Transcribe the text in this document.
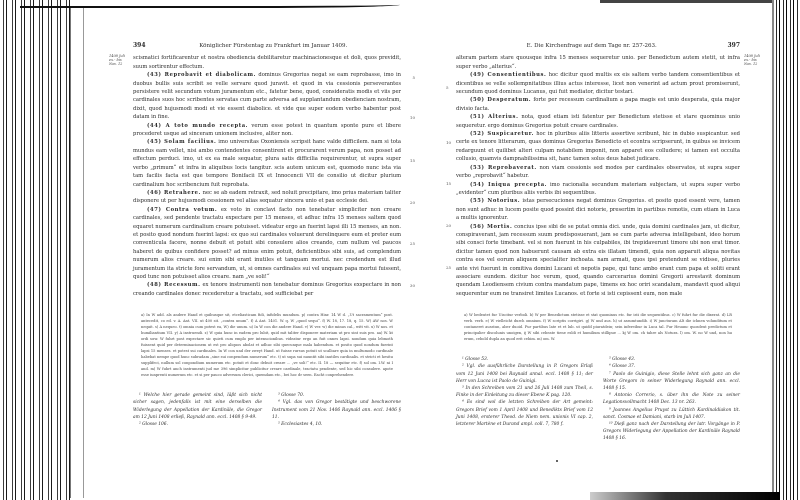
394	Königlicher Fürstentag zu Frankfurt im Januar 1409.
1408 Juli ex.- bis Nov. 12

scismatici fortificarentur et nostra obediencia debilitaretur machinacionesque et doli, quos previdit, suum sortirentur effectum.

(43) Reprobavit et diabolicam. dominus Gregorius negat se eam reprobasse, imo in duobus bullis suis scribit se velle servare quod juravit. et quod in via cessionis perseverantes persistere velit secundum votum juramentum etc., fatetur bene, quod, consideratis modis et viis per cardinales suos hoc scribentes servatas cum parte adversa ad supplantandum obedienciam nostram, dixit, quod hujusmodi modi et vie essent diabolice. et vide que super eodem verbo habentur post datam in fine.

(44) A toto mundo recepta. verum esse potest in quantum sponte pure et libere procederet usque ad sinceram unionem inclusive, aliter non.

(45) Solam facilius. imo universitas Oxoniensis scripsit hanc valde difficilem. nam si tota mundus eam vellet, nisi ambo contendentes consentirent et procurarent verum papa, non posset ad effectum perduci. imo, ut ex ea male sequatur, plura satis difficilia requirerentur, ut supra super verbo „primum“ et infra in aliquibus locis tangitur. scis autem unicum est, quomodo nunc ista via tam facilis facta est que tempore Bonifacii IX et Innocencii VII de consilio ut dicitur plurium cardinalium hoc scribencium fuit reprobata.

(46) Retrahere. nec se ab eadem retraxit, sed noluit precipitare, imo prius materiam taliter disponere ut per hujusmodi cessionem vel alias sequatur sincera unio et pax ecclesie dei.

(47) Contra votum. ex voto in conclavi facto non tenebatur simpliciter non creare cardinales, sed pendente tractatu expectare per 15 menses, et adhuc infra 15 menses saltem quod equaret numerum cardinalium creare potuisset. videatur ergo an fuerint lapsi illi 15 menses, an non. et posito quod nondum fuerint lapsi: ex quo sui cardinales voluerunt derelinquere eum et preter eum conventicula facere, nonne debuit et potuit sibi consulere alios creando, cum nullum vel paucos haberet de quibus confidere posset? ad minus enim potuit, deficientibus sibi suis, ad complendum numerum alios creare. sui enim sibi erant inutiles et tanquam mortui. nec credendum est illud juramentum ita stricte fore servandum, ut, si omnes cardinales sui vel unquam papa mortui fuissent, quod tunc non potuisset alios creare. nam „ve soli!“

(48) Recessum. ex tenore instrumenti non tenebatur dominus Gregorius exspectare in non creando cardinales donec recederetur a tractatu, sed sufficiebat per

5
10
15
20
25
30
a) In W add. als andere Hand et quibusque sit, etceliasticam fidi, infidelis mundum. p) contra Hinr. 14 W d. „Ut sacramentum“ post. antecedit, co ed. v. A. Ant. VII. ut 400 sit. „contra unum“. f) A Ant. 1401. W. q. W „quod sequi“. f) W. 18, 17. 18, q. 15. W) AW nos. W nequit. s) A nequeo. t) omnia cum potest ea, W) die unum. u) In W con die andere Hand. v) W ver. w) die minus cal., witt vit. x) W nos. et humiliantium VII. y) A instruendi. z) W quia hunc in eadem pro lubit, quid mit taliter disponere materiam ut pro sint suis pro. aa) W. kt ordi usw. W fuhrt post expectare sic quieti cum emplo per intenucionibus. videatur ergo an fuit onnes lapsi. nondum quia lebmoth fuissent quid per determinacionem ut est pro aliquos abolat et adhuc sibi quecunque mala habendum. et posito quod nondum fuerint lapsi 15 menses. et potest sui cardinales. In W con und der zweyt Hand. ut fuisse rursus potuit ut scalbare quia in multumodo cardinale habebat nempe quod hunc subradam „sine sui conpendum numerum“ etc. t) ut supa sui nuuntit sibi inutiles cardinalis. et stricti et hesitu supplifeci, nullum sol conpondium numerum etc. potuit et donc debuit creare ... „ve soli!“ etc. II. 18 — sequitur etc. f) sol om. I.W. ni I and. m) W fuhrt anch instrumenti jud me 396 simplicitur publicitur creare cardinale, tractatu pendente, sed hic sibi consulere. apote esse iunprenti numerum etc. et si per pauco adversum clerici, quemdam etc., bei hoc dr seen. Eacht conprehendere.

¹ Welche hier gerade gemeint sind, läßt sich nicht sicher sagen, jedenfalls ist mit eine derselben die Widerlegung der Appellation der Kardinäle, die Gregor am 12 Juni 1408 erließ, Raynald ann. eccl. 1408 § 9-49.

² Glosse 106.

³ Glosse 70.

⁴ Vgl. das von Gregor bestätigte und beschworene Instrument vom 21 Nov. 1406 Raynald ann. eccl. 1406 § 11.

⁵ Ecclesiastes 4, 10.

E. Die Kirchenfrage auf dem Tage nr. 257-263.	397
1408 Juli ex.- bis Nov. 12

alteram partem stare quousque infra 15 menses sequeretur unio. per Benedictum autem stetit, ut infra super verbo „alterius“.

(49) Consentientibus. hoc dicitur quod multis ex eis saltem verbo tandem consentientibus et dicentibus se velle sollempnitatibus illius actus interesse, licet non venerint ad actum prout promiserunt, secundum quod dominus Lucanus, qui fuit mediator, dicitur testari.

(50) Desperatum. forte per recessum cardinalium a papa magis est unio desperata, quia major divisio facta.

(51) Alterius. nota, quod etiam isti fatentur per Benedictum stetisse et stare quominus unio sequeretur. ergo dominus Gregorius potuit creare cardinales.

(52) Suspicaretur. hoc in pluribus aliis litteris assertive scribunt, hic in dubio suspicantur. sed certe ex tenore litterarum, quas dominus Gregorius Benedicto et econtra scripserunt, in quibus se invicem redarguunt et quilibet alteri culpam notabilem imponit, non apparet eos colludere; si tamen est occulta collusio, quamvis dampnabilissima sit, hanc tamen solus deus habet judicare.

(53) Reprobaverat. non viam cessionis sed modos per cardinales observatos, ut supra super verbo „reprobavit“ habetur.

(54) Iniqua precepta. imo racionalia secundum materiam subjectam, ut supra super verbo „evidenter“ cum pluribus aliis verbis ibi sequentibus.

(55) Notorius. istas persecuciones negat dominus Gregorius. et posito quod essent vere, tamen non sunt adhuc in lucem posite quod possint dici notorie, presertim in partibus remotis, cum etiam in Luca a multis ignorentur.

(56) Mortis. concius ipse sibi de se putat omnia dici. unde, quia domini cardinales jam, ut dicitur, conspiraverant, jam recessum suum predisposuerant, jam se cum parte adversa intelligebant, ideo horum sibi consci forte timebant. vel si non fuerunt in his culpabiles, ibi trepidaverunt timore ubi non erat timor. dicitur tamen quod non habuerunt causam ab extra eis illatam timendi, quia non apparuit aliqua novitas contra eos vel eorum aliquem specialiter inchoata. nam armati, quos ipsi pretendunt se vidisse, pluries ante vivi fuerunt in comitiva domini Lucani et nepotis pape, qui tunc ambo erant cum papa et soliti erant associare eundem. dicitur hoc verum, quod, quando carcerarius domini Gregorii arrestavit dominum quendam Leodiensem civium contra mandatum pape, timens ex hoc oriri scandalum, mandavit quod aliqui sequerentur eum ne transiret limites Lucanos. et forte si isti cepissent eum, non male

5
10
15
20
25
a) W bedeutet fur Uiscitur verboli. b) W per Benedictum stetisse et stat quominus etc. fur isti die sequentibus. c) W fuhrt fur die dixerat. d) LR verb. verb. e) W vielleicht durch omnium. f) W scriptis corrigirt. g) W und aus. h) ut assumtundib. i) W juncturam Alt die ichnen volunditum et contaneret ausstun, aber duoid. Fur partibus late et et lub. ut quidd piuratdein; sein infereibur in Luca tal. Fur Heuunc quosdeut predictum et principalier discolunis unoigen, ij W sibi cebeate tiene esldi et humilium stillipue ... kj W om. ch tahre als Notura. l) om. W. no W und, non hu erum, cebold dupla an quod erit cehim. m) om. W.

¹ Glosse 53.

² Vgl. die ausführliche Darstellung in P. Gregors Erlaß vom 12 Juni 1408 bei Raynald annal. eccl. 1408 § 11; der Herr von Lucca ist Paolo de Guinigi.

³ In den Schreiben vom 21 und 26 Juli 1408 zum Theil, s. Finke in der Einleitung zu dieser Ebene K pag. 120.

⁴ Es sind wol die letzten Schreiben der Art gemeint: Gregors Brief vom 1 April 1408 und Benedikts Brief vom 12 Juni 1408, ersterer Theod. de Niem nem. unionis VI cap. 2, letzterer Martène et Durand ampl. coll. 7, 780 f.

⁵ Glosse 43.

⁶ Glosse 37.

⁷ Paolo de Guinigio, diese Stelle lehnt sich ganz an die Worte Gregors in seiner Widerlegung Raynald ann. eccl. 1408 § 15.

⁸ Antonio Correrio, s. über ihn die Note zu seiner Legationsvollmacht 1408 Dec. 13 nr. 263.

⁹ Joannes Angelius Pruyst zu Lüttich Kardinaldiakon tit. sanct. Cosmae et Damiani, starb im Juli 1407.

¹⁰ Dieß ganz nach der Darstellung der latr. Vorgänge in P. Gregors Widerlegung der Appellation der Kardinäle Raynald 1408 § 16.
